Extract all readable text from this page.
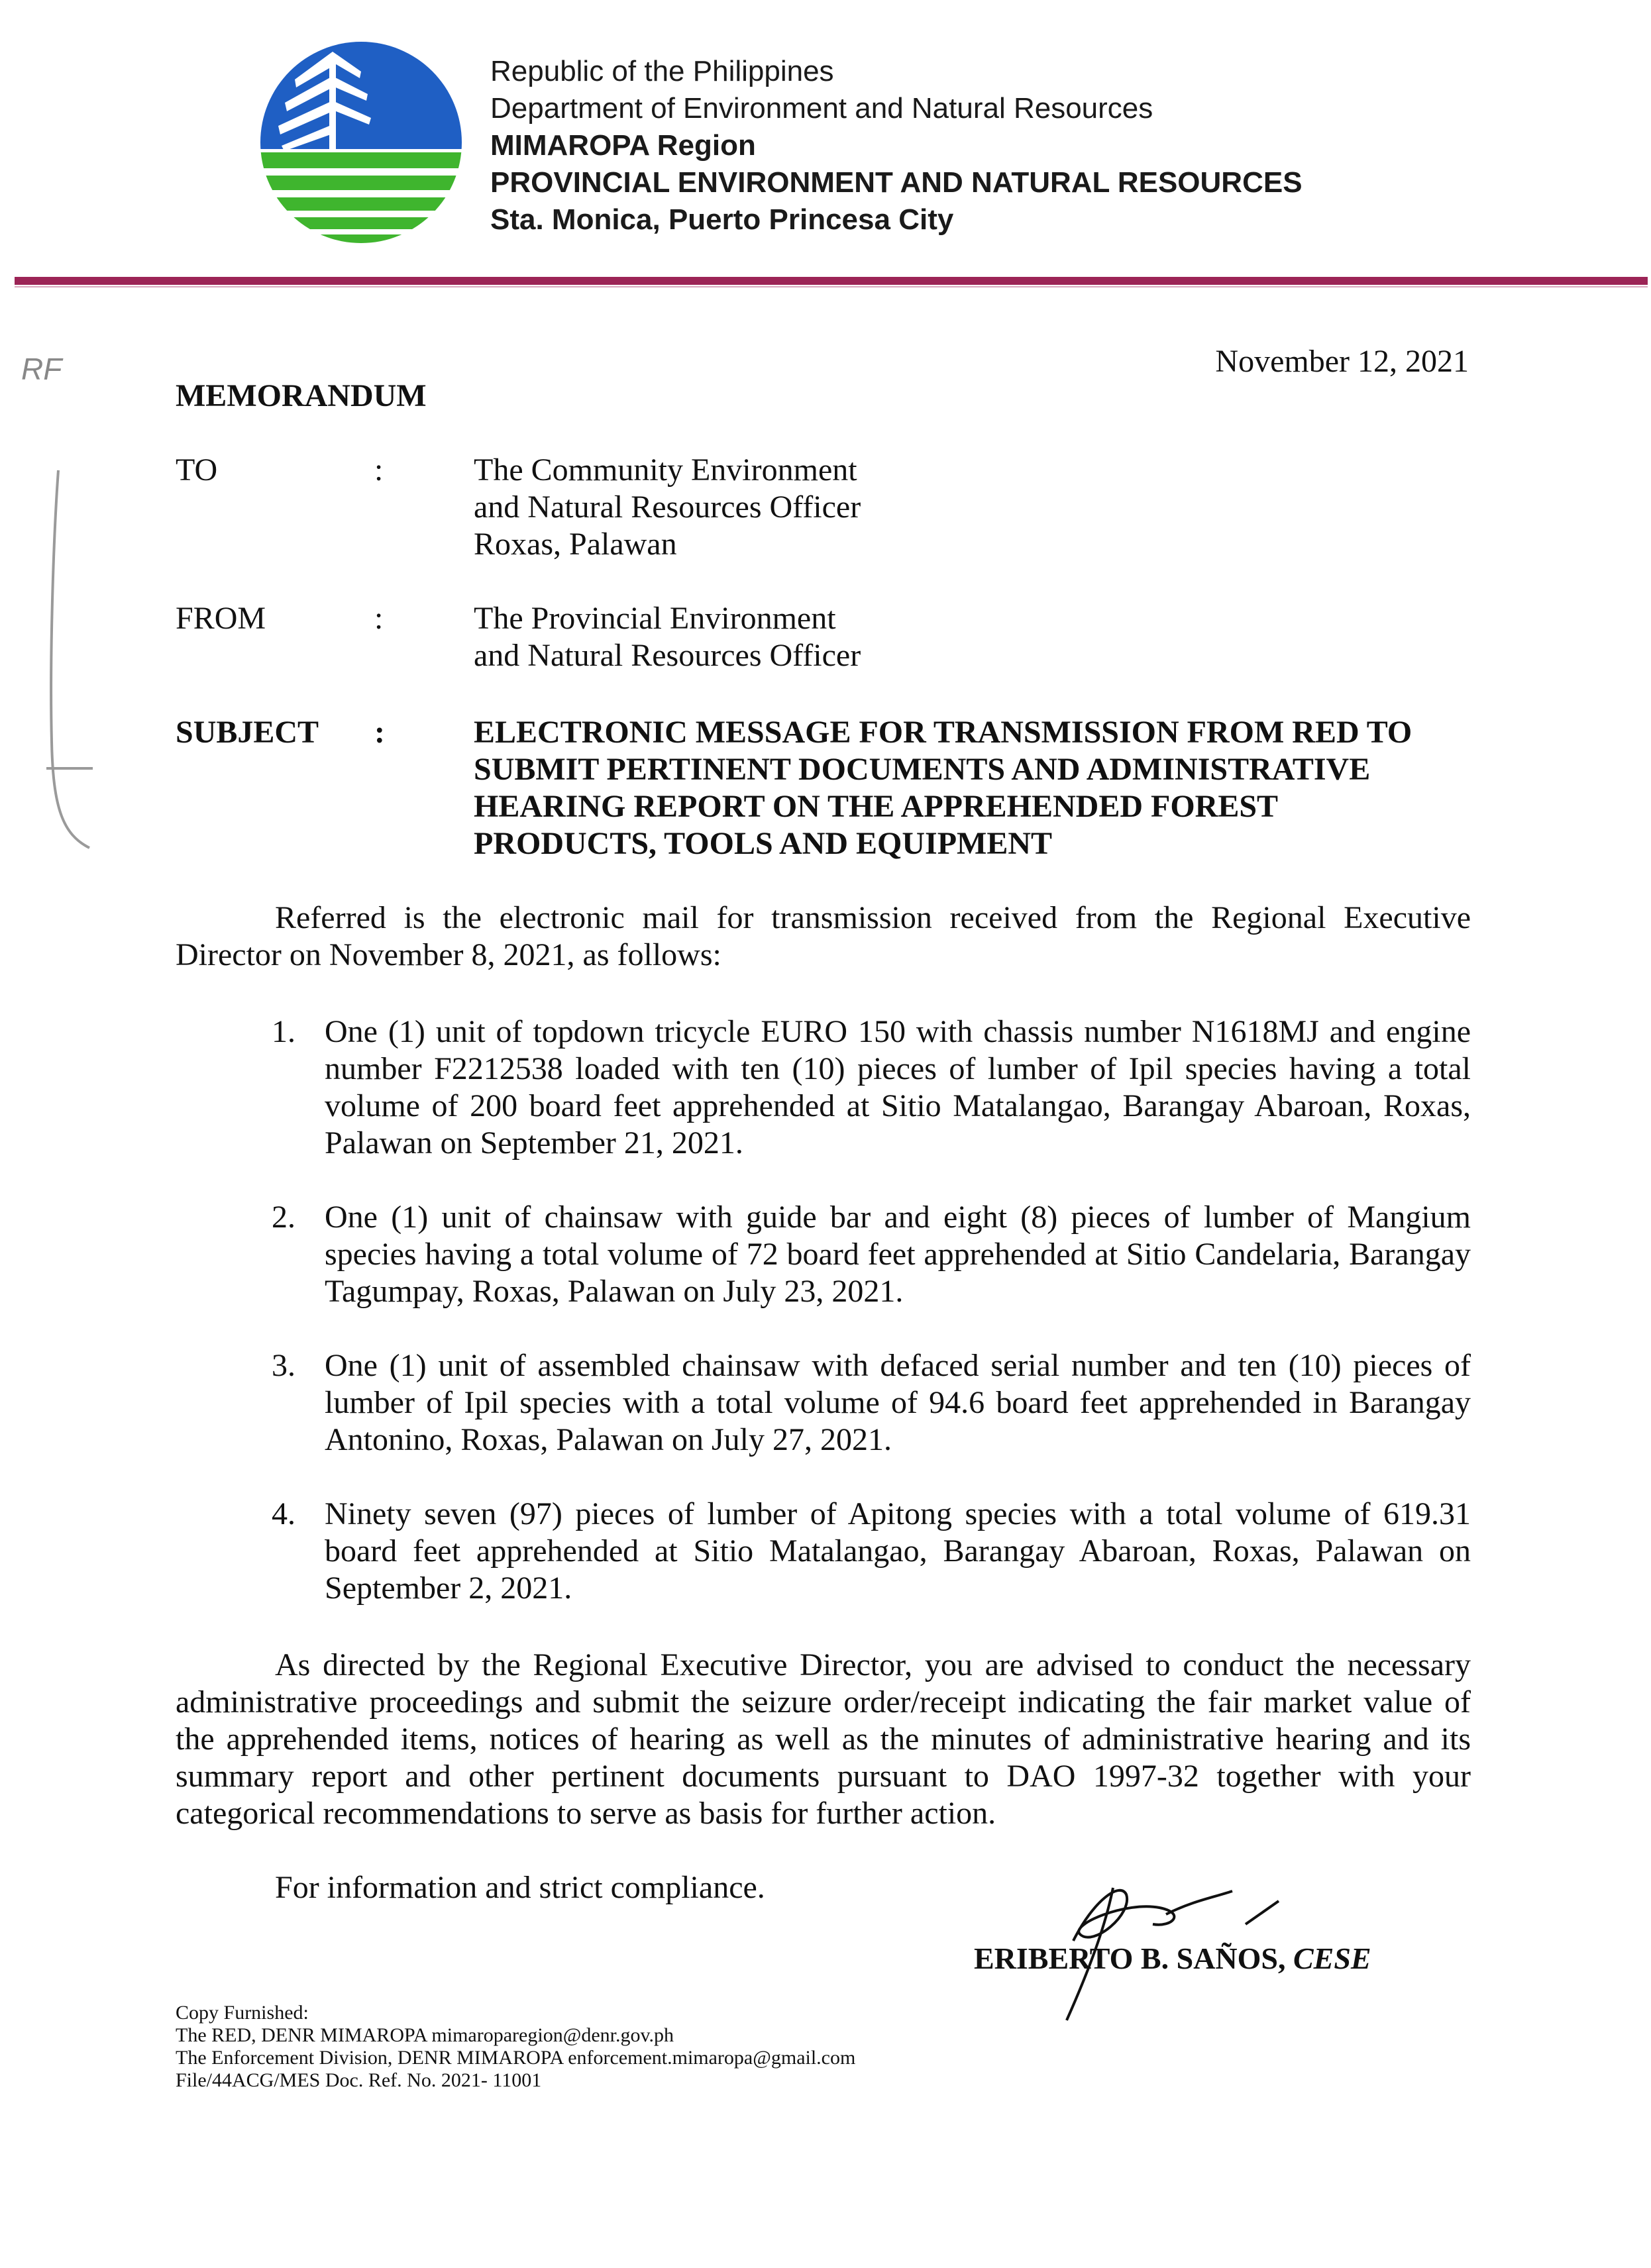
Republic of the Philippines
Department of Environment and Natural Resources
MIMAROPA Region
PROVINCIAL ENVIRONMENT AND NATURAL RESOURCES
Sta. Monica, Puerto Princesa City
RF	November 12, 2021
MEMORANDUM
TO	:	The Community Environment
and Natural Resources Officer
Roxas, Palawan
FROM	:	The Provincial Environment
and Natural Resources Officer
SUBJECT :	ELECTRONIC MESSAGE FOR TRANSMISSION FROM RED TO
SUBMIT PERTINENT DOCUMENTS AND ADMINISTRATIVE
HEARING REPORT ON THE APPREHENDED FOREST
PRODUCTS, TOOLS AND EQUIPMENT
Referred is the electronic mail for transmission received from the Regional Executive Director on November 8, 2021, as follows:
1. One (1) unit of topdown tricycle EURO 150 with chassis number N1618MJ and engine number F2212538 loaded with ten (10) pieces of lumber of Ipil species having a total volume of 200 board feet apprehended at Sitio Matalangao, Barangay Abaroan, Roxas, Palawan on September 21, 2021.
2. One (1) unit of chainsaw with guide bar and eight (8) pieces of lumber of Mangium species having a total volume of 72 board feet apprehended at Sitio Candelaria, Barangay Tagumpay, Roxas, Palawan on July 23, 2021.
3. One (1) unit of assembled chainsaw with defaced serial number and ten (10) pieces of lumber of Ipil species with a total volume of 94.6 board feet apprehended in Barangay Antonino, Roxas, Palawan on July 27, 2021.
4. Ninety seven (97) pieces of lumber of Apitong species with a total volume of 619.31 board feet apprehended at Sitio Matalangao, Barangay Abaroan, Roxas, Palawan on September 2, 2021.
As directed by the Regional Executive Director, you are advised to conduct the necessary administrative proceedings and submit the seizure order/receipt indicating the fair market value of the apprehended items, notices of hearing as well as the minutes of administrative hearing and its summary report and other pertinent documents pursuant to DAO 1997-32 together with your categorical recommendations to serve as basis for further action.
For information and strict compliance.
ERIBERTO B. SAÑOS, CESE
Copy Furnished:
The RED, DENR MIMAROPA mimaroparegion@denr.gov.ph
The Enforcement Division, DENR MIMAROPA enforcement.mimaropa@gmail.com
File/44ACG/MES Doc. Ref. No. 2021- 11001
